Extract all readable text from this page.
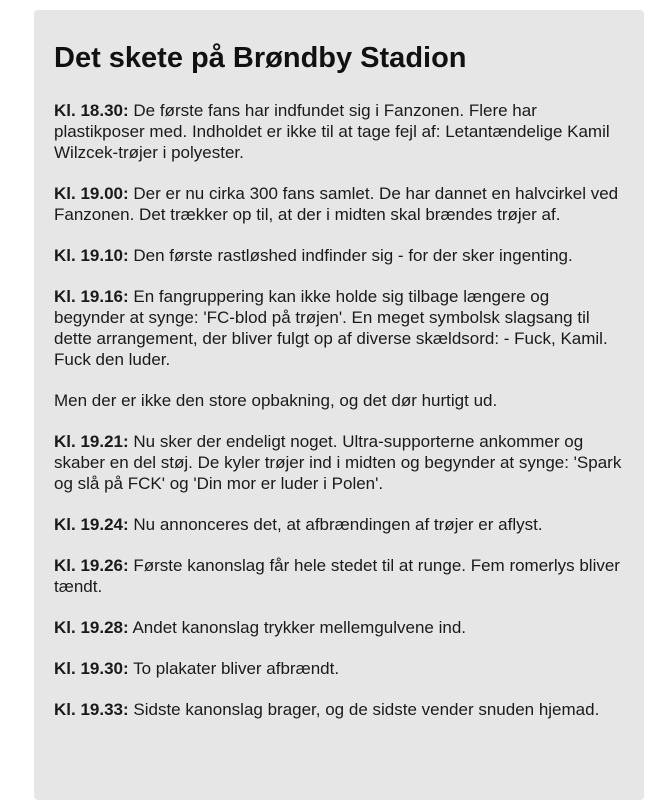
Det skete på Brøndby Stadion

Kl. 18.30: De første fans har indfundet sig i Fanzonen. Flere har plastikposer med. Indholdet er ikke til at tage fejl af: Letantændelige Kamil Wilzcek-trøjer i polyester.

Kl. 19.00: Der er nu cirka 300 fans samlet. De har dannet en halvcirkel ved Fanzonen. Det trækker op til, at der i midten skal brændes trøjer af.

Kl. 19.10: Den første rastløshed indfinder sig - for der sker ingenting.

Kl. 19.16: En fangruppering kan ikke holde sig tilbage længere og begynder at synge: 'FC-blod på trøjen'. En meget symbolsk slagsang til dette arrangement, der bliver fulgt op af diverse skældsord: - Fuck, Kamil. Fuck den luder.

Men der er ikke den store opbakning, og det dør hurtigt ud.

Kl. 19.21: Nu sker der endeligt noget. Ultra-supporterne ankommer og skaber en del støj. De kyler trøjer ind i midten og begynder at synge: 'Spark og slå på FCK' og 'Din mor er luder i Polen'.

Kl. 19.24: Nu annonceres det, at afbrændingen af trøjer er aflyst.

Kl. 19.26: Første kanonslag får hele stedet til at runge. Fem romerlys bliver tændt.

Kl. 19.28: Andet kanonslag trykker mellemgulvene ind.

Kl. 19.30: To plakater bliver afbrændt.

Kl. 19.33: Sidste kanonslag brager, og de sidste vender snuden hjemad.
